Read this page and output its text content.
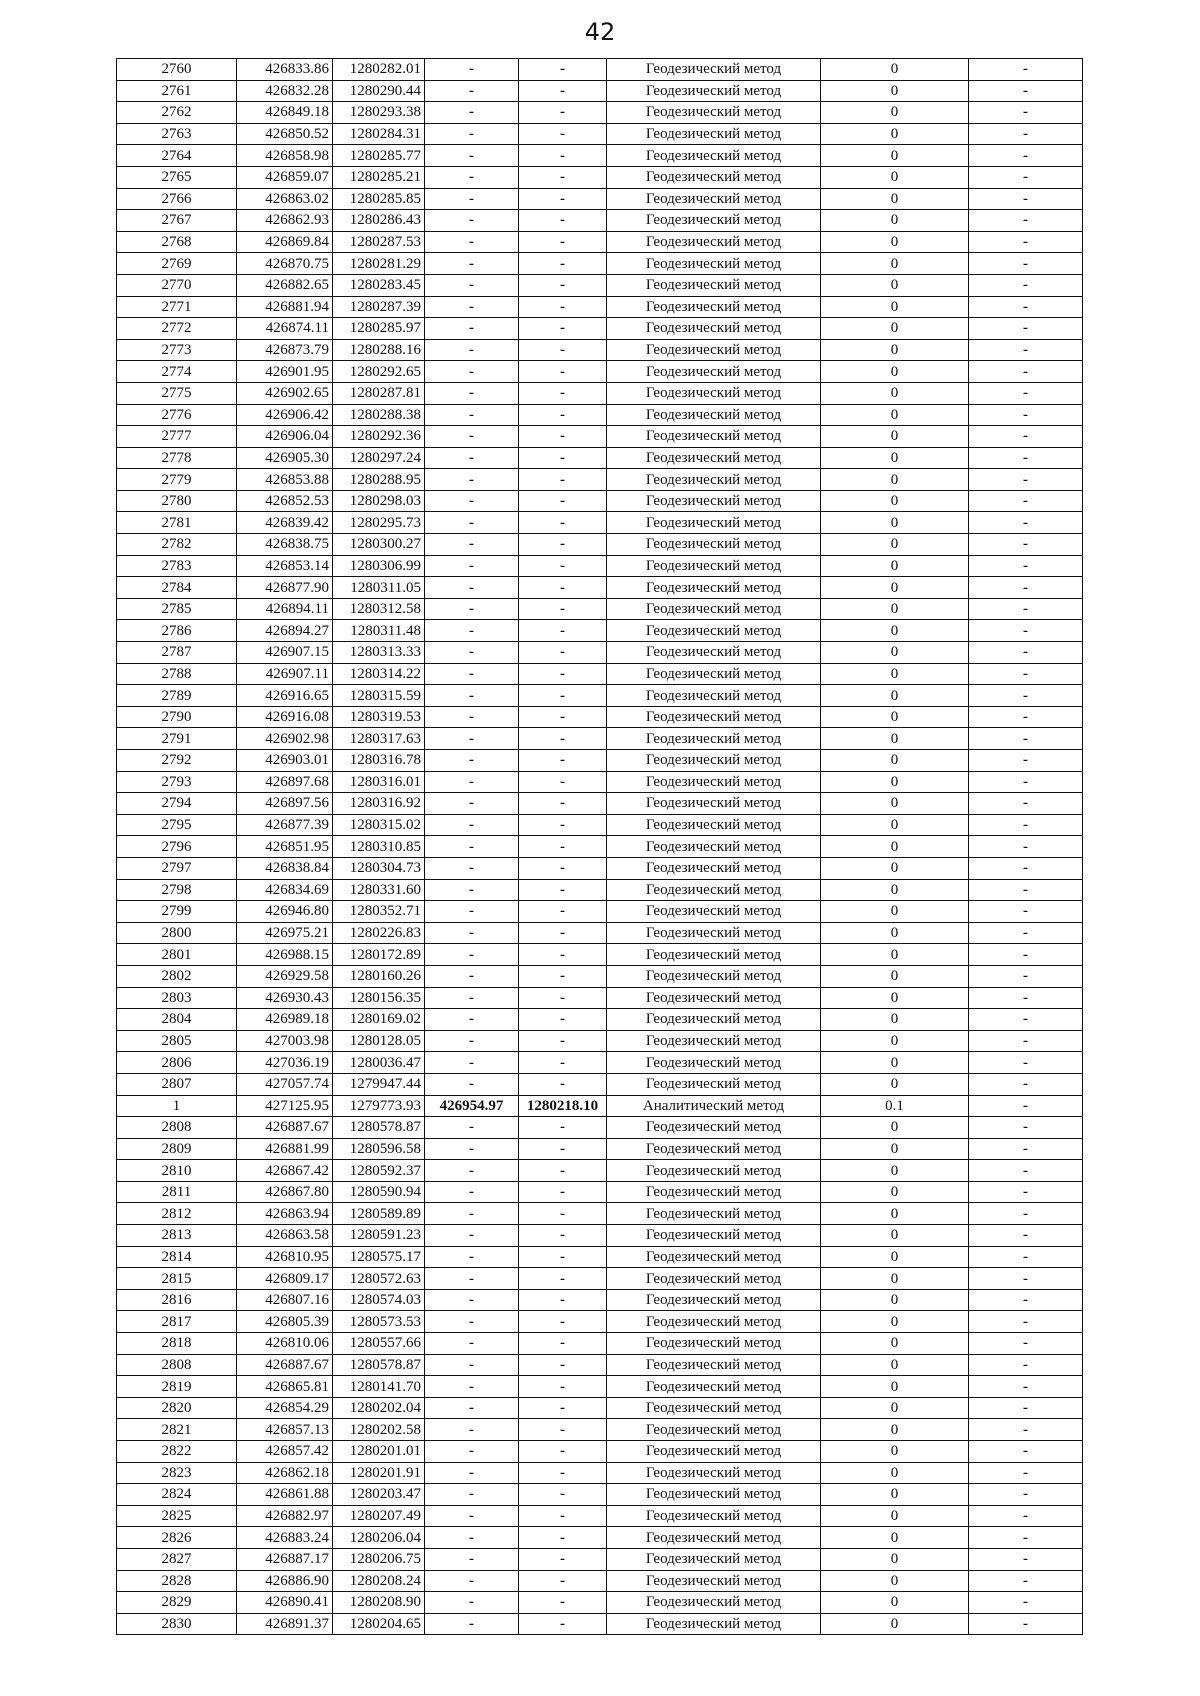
42
2760	426833.86	1280282.01	-	-	Геодезический метод	0	-
2761	426832.28	1280290.44	-	-	Геодезический метод	0	-
2762	426849.18	1280293.38	-	-	Геодезический метод	0	-
2763	426850.52	1280284.31	-	-	Геодезический метод	0	-
2764	426858.98	1280285.77	-	-	Геодезический метод	0	-
2765	426859.07	1280285.21	-	-	Геодезический метод	0	-
2766	426863.02	1280285.85	-	-	Геодезический метод	0	-
2767	426862.93	1280286.43	-	-	Геодезический метод	0	-
2768	426869.84	1280287.53	-	-	Геодезический метод	0	-
2769	426870.75	1280281.29	-	-	Геодезический метод	0	-
2770	426882.65	1280283.45	-	-	Геодезический метод	0	-
2771	426881.94	1280287.39	-	-	Геодезический метод	0	-
2772	426874.11	1280285.97	-	-	Геодезический метод	0	-
2773	426873.79	1280288.16	-	-	Геодезический метод	0	-
2774	426901.95	1280292.65	-	-	Геодезический метод	0	-
2775	426902.65	1280287.81	-	-	Геодезический метод	0	-
2776	426906.42	1280288.38	-	-	Геодезический метод	0	-
2777	426906.04	1280292.36	-	-	Геодезический метод	0	-
2778	426905.30	1280297.24	-	-	Геодезический метод	0	-
2779	426853.88	1280288.95	-	-	Геодезический метод	0	-
2780	426852.53	1280298.03	-	-	Геодезический метод	0	-
2781	426839.42	1280295.73	-	-	Геодезический метод	0	-
2782	426838.75	1280300.27	-	-	Геодезический метод	0	-
2783	426853.14	1280306.99	-	-	Геодезический метод	0	-
2784	426877.90	1280311.05	-	-	Геодезический метод	0	-
2785	426894.11	1280312.58	-	-	Геодезический метод	0	-
2786	426894.27	1280311.48	-	-	Геодезический метод	0	-
2787	426907.15	1280313.33	-	-	Геодезический метод	0	-
2788	426907.11	1280314.22	-	-	Геодезический метод	0	-
2789	426916.65	1280315.59	-	-	Геодезический метод	0	-
2790	426916.08	1280319.53	-	-	Геодезический метод	0	-
2791	426902.98	1280317.63	-	-	Геодезический метод	0	-
2792	426903.01	1280316.78	-	-	Геодезический метод	0	-
2793	426897.68	1280316.01	-	-	Геодезический метод	0	-
2794	426897.56	1280316.92	-	-	Геодезический метод	0	-
2795	426877.39	1280315.02	-	-	Геодезический метод	0	-
2796	426851.95	1280310.85	-	-	Геодезический метод	0	-
2797	426838.84	1280304.73	-	-	Геодезический метод	0	-
2798	426834.69	1280331.60	-	-	Геодезический метод	0	-
2799	426946.80	1280352.71	-	-	Геодезический метод	0	-
2800	426975.21	1280226.83	-	-	Геодезический метод	0	-
2801	426988.15	1280172.89	-	-	Геодезический метод	0	-
2802	426929.58	1280160.26	-	-	Геодезический метод	0	-
2803	426930.43	1280156.35	-	-	Геодезический метод	0	-
2804	426989.18	1280169.02	-	-	Геодезический метод	0	-
2805	427003.98	1280128.05	-	-	Геодезический метод	0	-
2806	427036.19	1280036.47	-	-	Геодезический метод	0	-
2807	427057.74	1279947.44	-	-	Геодезический метод	0	-
1	427125.95	1279773.93	426954.97	1280218.10	Аналитический метод	0.1	-
2808	426887.67	1280578.87	-	-	Геодезический метод	0	-
2809	426881.99	1280596.58	-	-	Геодезический метод	0	-
2810	426867.42	1280592.37	-	-	Геодезический метод	0	-
2811	426867.80	1280590.94	-	-	Геодезический метод	0	-
2812	426863.94	1280589.89	-	-	Геодезический метод	0	-
2813	426863.58	1280591.23	-	-	Геодезический метод	0	-
2814	426810.95	1280575.17	-	-	Геодезический метод	0	-
2815	426809.17	1280572.63	-	-	Геодезический метод	0	-
2816	426807.16	1280574.03	-	-	Геодезический метод	0	-
2817	426805.39	1280573.53	-	-	Геодезический метод	0	-
2818	426810.06	1280557.66	-	-	Геодезический метод	0	-
2808	426887.67	1280578.87	-	-	Геодезический метод	0	-
2819	426865.81	1280141.70	-	-	Геодезический метод	0	-
2820	426854.29	1280202.04	-	-	Геодезический метод	0	-
2821	426857.13	1280202.58	-	-	Геодезический метод	0	-
2822	426857.42	1280201.01	-	-	Геодезический метод	0	-
2823	426862.18	1280201.91	-	-	Геодезический метод	0	-
2824	426861.88	1280203.47	-	-	Геодезический метод	0	-
2825	426882.97	1280207.49	-	-	Геодезический метод	0	-
2826	426883.24	1280206.04	-	-	Геодезический метод	0	-
2827	426887.17	1280206.75	-	-	Геодезический метод	0	-
2828	426886.90	1280208.24	-	-	Геодезический метод	0	-
2829	426890.41	1280208.90	-	-	Геодезический метод	0	-
2830	426891.37	1280204.65	-	-	Геодезический метод	0	-
